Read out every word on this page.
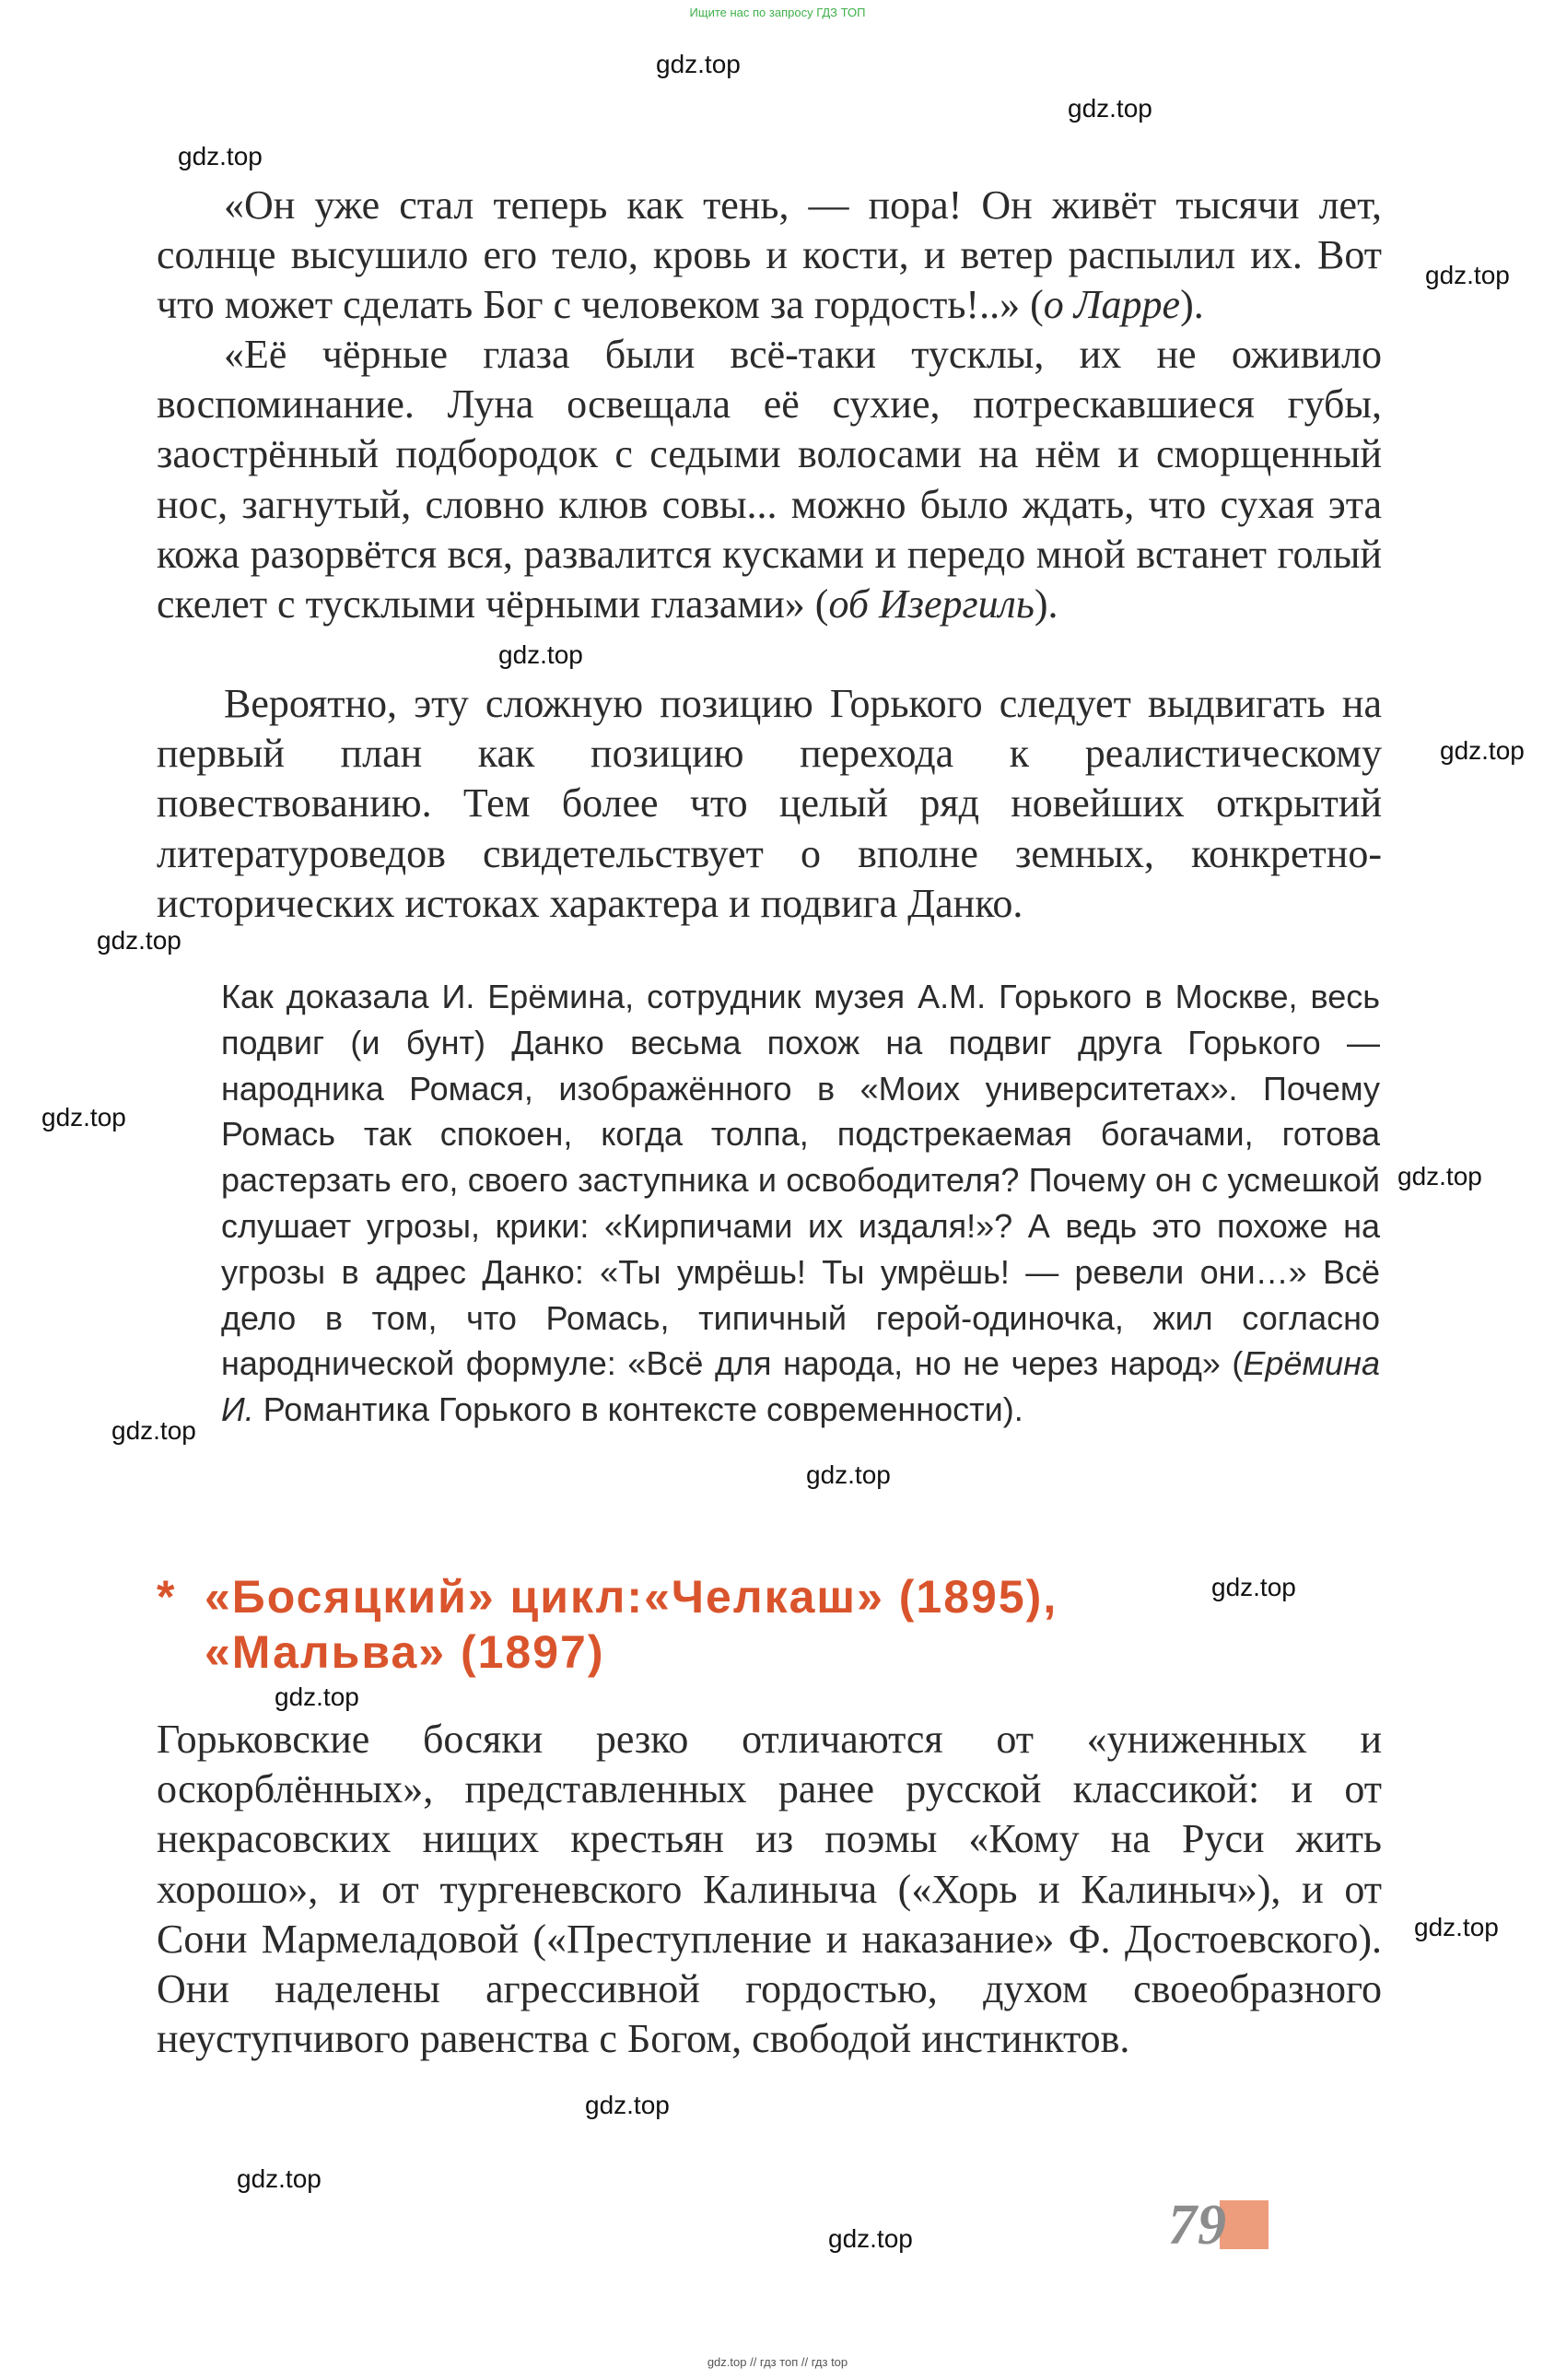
Ищите нас по запросу ГДЗ ТОП
gdz.top
gdz.top
gdz.top
gdz.top
gdz.top
gdz.top
gdz.top
gdz.top
gdz.top
gdz.top
gdz.top
gdz.top
gdz.top
gdz.top
gdz.top
gdz.top
gdz.top

«Он уже стал теперь как тень, — пора! Он живёт тысячи лет, солнце высушило его тело, кровь и кости, и ветер распылил их. Вот что может сделать Бог с человеком за гордость!..» (о Ларре).

«Её чёрные глаза были всё-таки тусклы, их не оживило воспоминание. Луна освещала её сухие, потрескавшиеся губы, заострённый подбородок с седыми волосами на нём и сморщенный нос, загнутый, словно клюв совы... можно было ждать, что сухая эта кожа разорвётся вся, развалится кусками и передо мной встанет голый скелет с тусклыми чёрными глазами» (об Изергиль).

Вероятно, эту сложную позицию Горького следует выдвигать на первый план как позицию перехода к реалистическому повествованию. Тем более что целый ряд новейших открытий литературоведов свидетельствует о вполне земных, конкретно-исторических истоках характера и подвига Данко.

Как доказала И. Ерёмина, сотрудник музея А.М. Горького в Москве, весь подвиг (и бунт) Данко весьма похож на подвиг друга Горького — народника Ромася, изображённого в «Моих университетах». Почему Ромась так спокоен, когда толпа, подстрекаемая богачами, готова растерзать его, своего заступника и освободителя? Почему он с усмешкой слушает угрозы, крики: «Кирпичами их издаля!»? А ведь это похоже на угрозы в адрес Данко: «Ты умрёшь! Ты умрёшь! — ревели они…» Всё дело в том, что Ромась, типичный герой-одиночка, жил согласно народнической формуле: «Всё для народа, но не через народ» (Ерёмина И. Романтика Горького в контексте современности).

* «Босяцкий» цикл:«Челкаш» (1895),
«Мальва» (1897)

Горьковские босяки резко отличаются от «униженных и оскорблённых», представленных ранее русской классикой: и от некрасовских нищих крестьян из поэмы «Кому на Руси жить хорошо», и от тургеневского Калиныча («Хорь и Калиныч»), и от Сони Мармеладовой («Преступление и наказание» Ф. Достоевского). Они наделены агрессивной гордостью, духом своеобразного неуступчивого равенства с Богом, свободой инстинктов.

79
gdz.top // гдз топ // гдз top
